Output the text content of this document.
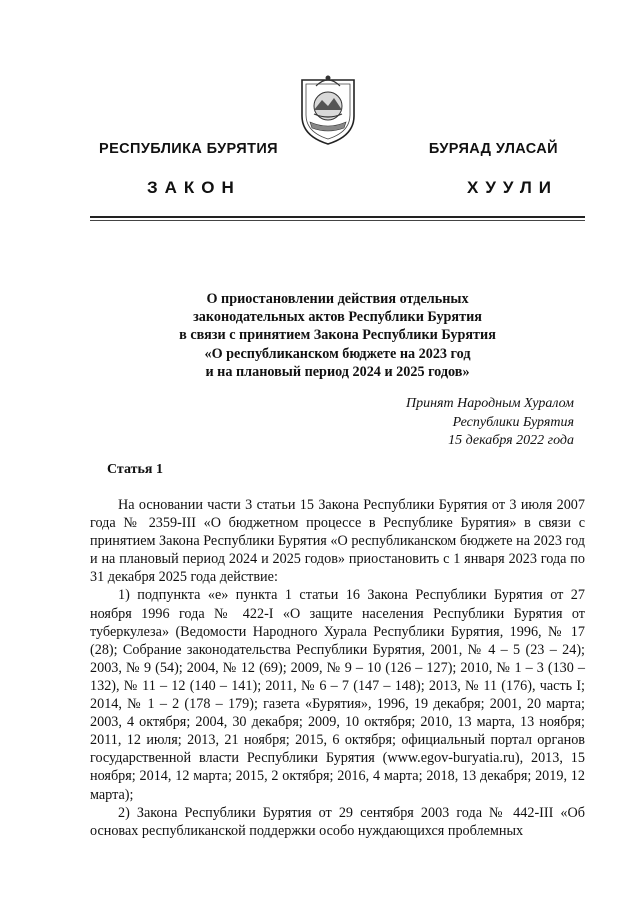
РЕСПУБЛИКА БУРЯТИЯ	БУРЯАД УЛАСАЙ
ЗАКОН	ХУУЛИ
О приостановлении действия отдельных
законодательных актов Республики Бурятия
в связи с принятием Закона Республики Бурятия
«О республиканском бюджете на 2023 год
и на плановый период 2024 и 2025 годов»
Принят Народным Хуралом
Республики Бурятия
15 декабря 2022 года
Статья 1

На основании части 3 статьи 15 Закона Республики Бурятия от 3 июля 2007 года № 2359-III «О бюджетном процессе в Республике Бурятия» в связи с принятием Закона Республики Бурятия «О республиканском бюджете на 2023 год и на плановый период 2024 и 2025 годов» приостановить с 1 января 2023 года по 31 декабря 2025 года действие:

1) подпункта «е» пункта 1 статьи 16 Закона Республики Бурятия от 27 ноября 1996 года № 422-I «О защите населения Республики Бурятия от туберкулеза» (Ведомости Народного Хурала Республики Бурятия, 1996, № 17 (28); Собрание законодательства Республики Бурятия, 2001, № 4 – 5 (23 – 24); 2003, № 9 (54); 2004, № 12 (69); 2009, № 9 – 10 (126 – 127); 2010, № 1 – 3 (130 – 132), № 11 – 12 (140 – 141); 2011, № 6 – 7 (147 – 148); 2013, № 11 (176), часть I; 2014, № 1 – 2 (178 – 179); газета «Бурятия», 1996, 19 декабря; 2001, 20 марта; 2003, 4 октября; 2004, 30 декабря; 2009, 10 октября; 2010, 13 марта, 13 ноября; 2011, 12 июля; 2013, 21 ноября; 2015, 6 октября; официальный портал органов государственной власти Республики Бурятия (www.egov-buryatia.ru), 2013, 15 ноября; 2014, 12 марта; 2015, 2 октября; 2016, 4 марта; 2018, 13 декабря; 2019, 12 марта);

2) Закона Республики Бурятия от 29 сентября 2003 года № 442-III «Об основах республиканской поддержки особо нуждающихся проблемных
